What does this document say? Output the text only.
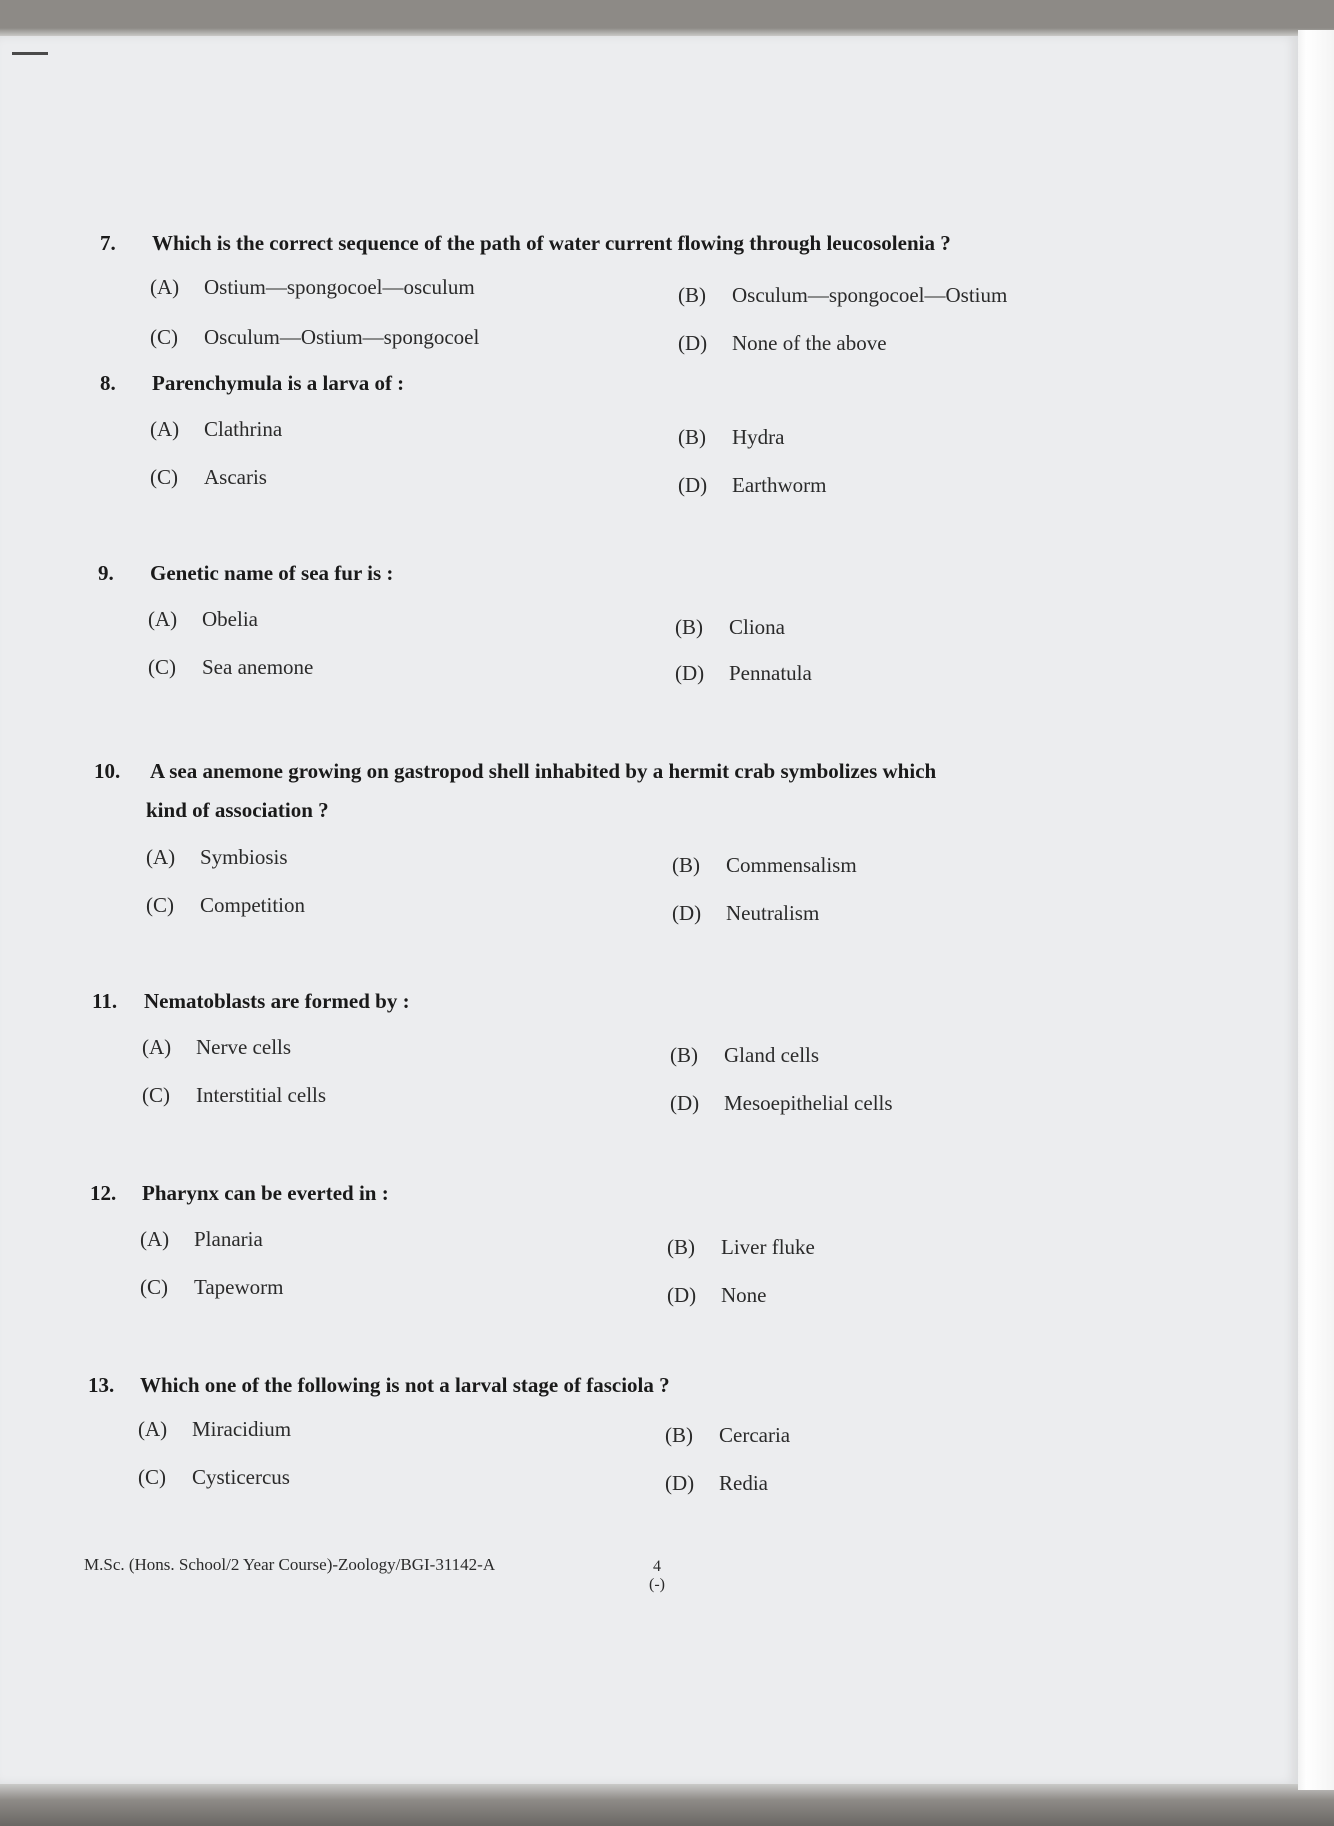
7. Which is the correct sequence of the path of water current flowing through leucosolenia ?
(A) Ostium—spongocoel—osculum	(B) Osculum—spongocoel—Ostium
(C) Osculum—Ostium—spongocoel	(D) None of the above
8. Parenchymula is a larva of :
(A) Clathrina	(B) Hydra
(C) Ascaris	(D) Earthworm
9. Genetic name of sea fur is :
(A) Obelia	(B) Cliona
(C) Sea anemone	(D) Pennatula
10. A sea anemone growing on gastropod shell inhabited by a hermit crab symbolizes which
kind of association ?
(A) Symbiosis	(B) Commensalism
(C) Competition	(D) Neutralism
11. Nematoblasts are formed by :
(A) Nerve cells	(B) Gland cells
(C) Interstitial cells	(D) Mesoepithelial cells
12. Pharynx can be everted in :
(A) Planaria	(B) Liver fluke
(C) Tapeworm	(D) None
13. Which one of the following is not a larval stage of fasciola ?
(A) Miracidium	(B) Cercaria
(C) Cysticercus	(D) Redia
M.Sc. (Hons. School/2 Year Course)-Zoology/BGI-31142-A	4
(-)
